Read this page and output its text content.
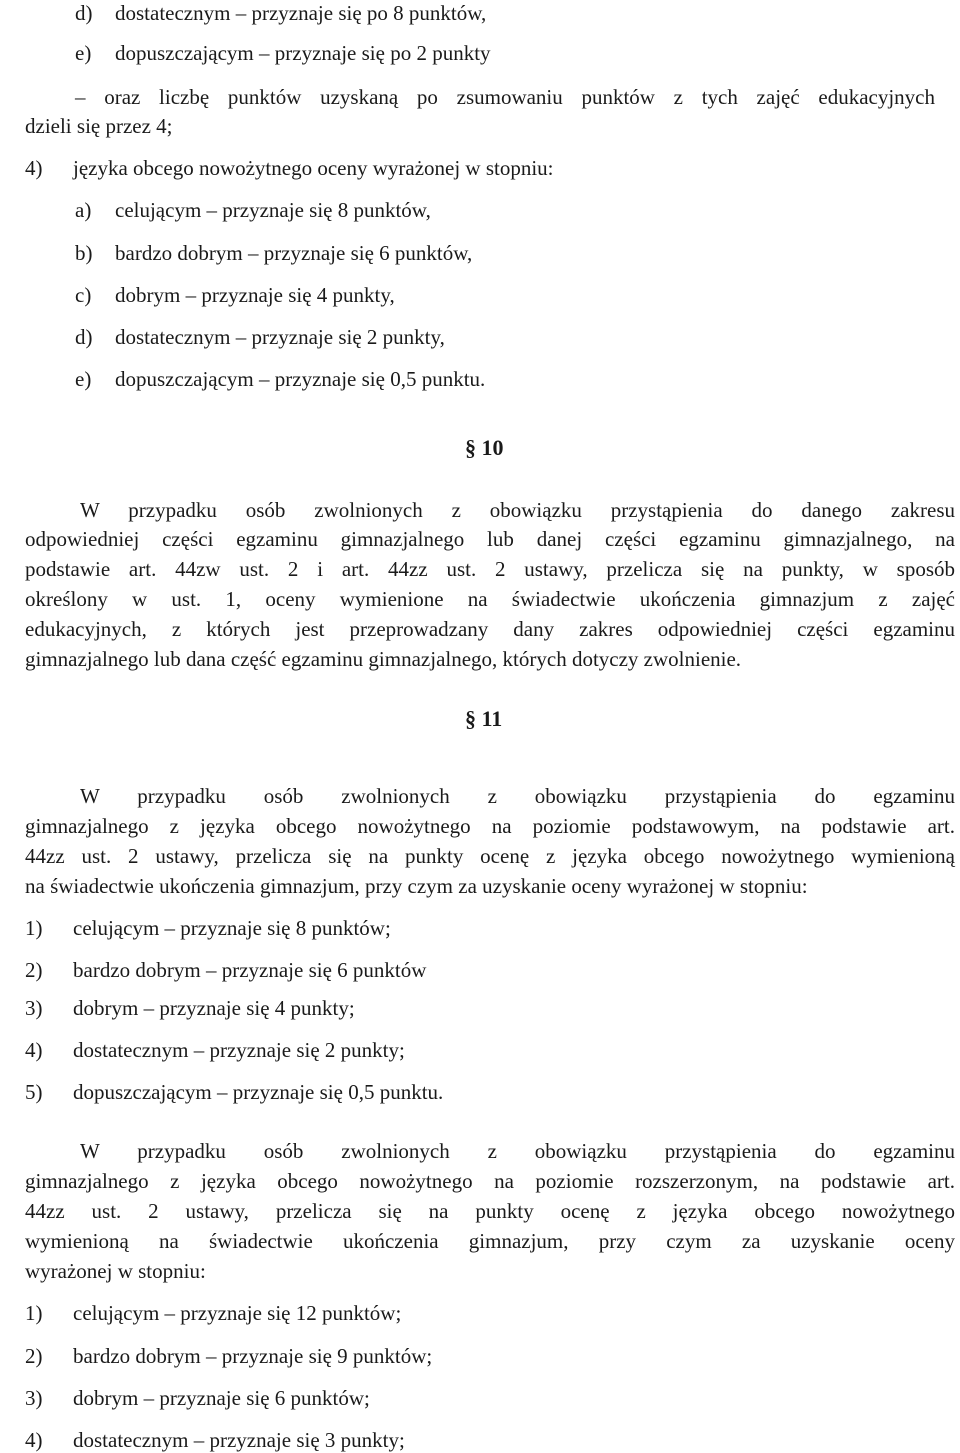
d) dostatecznym – przyznaje się po 8 punktów,
e) dopuszczającym – przyznaje się po 2 punkty
– oraz liczbę punktów uzyskaną po zsumowaniu punktów z tych zajęć edukacyjnych
dzieli się przez 4;
4) języka obcego nowożytnego oceny wyrażonej w stopniu:
a) celującym – przyznaje się 8 punktów,
b) bardzo dobrym – przyznaje się 6 punktów,
c) dobrym – przyznaje się 4 punkty,
d) dostatecznym – przyznaje się 2 punkty,
e) dopuszczającym – przyznaje się 0,5 punktu.
§ 10
W przypadku osób zwolnionych z obowiązku przystąpienia do danego zakresu
odpowiedniej części egzaminu gimnazjalnego lub danej części egzaminu gimnazjalnego, na
podstawie art. 44zw ust. 2 i art. 44zz ust. 2 ustawy, przelicza się na punkty, w sposób
określony w ust. 1, oceny wymienione na świadectwie ukończenia gimnazjum z zajęć
edukacyjnych, z których jest przeprowadzany dany zakres odpowiedniej części egzaminu
gimnazjalnego lub dana część egzaminu gimnazjalnego, których dotyczy zwolnienie.
§ 11
W przypadku osób zwolnionych z obowiązku przystąpienia do egzaminu
gimnazjalnego z języka obcego nowożytnego na poziomie podstawowym, na podstawie art.
44zz ust. 2 ustawy, przelicza się na punkty ocenę z języka obcego nowożytnego wymienioną
na świadectwie ukończenia gimnazjum, przy czym za uzyskanie oceny wyrażonej w stopniu:
1) celującym – przyznaje się 8 punktów;
2) bardzo dobrym – przyznaje się 6 punktów
3) dobrym – przyznaje się 4 punkty;
4) dostatecznym – przyznaje się 2 punkty;
5) dopuszczającym – przyznaje się 0,5 punktu.
W przypadku osób zwolnionych z obowiązku przystąpienia do egzaminu
gimnazjalnego z języka obcego nowożytnego na poziomie rozszerzonym, na podstawie art.
44zz ust. 2 ustawy, przelicza się na punkty ocenę z języka obcego nowożytnego
wymienioną na świadectwie ukończenia gimnazjum, przy czym za uzyskanie oceny
wyrażonej w stopniu:
1) celującym – przyznaje się 12 punktów;
2) bardzo dobrym – przyznaje się 9 punktów;
3) dobrym – przyznaje się 6 punktów;
4) dostatecznym – przyznaje się 3 punkty;
